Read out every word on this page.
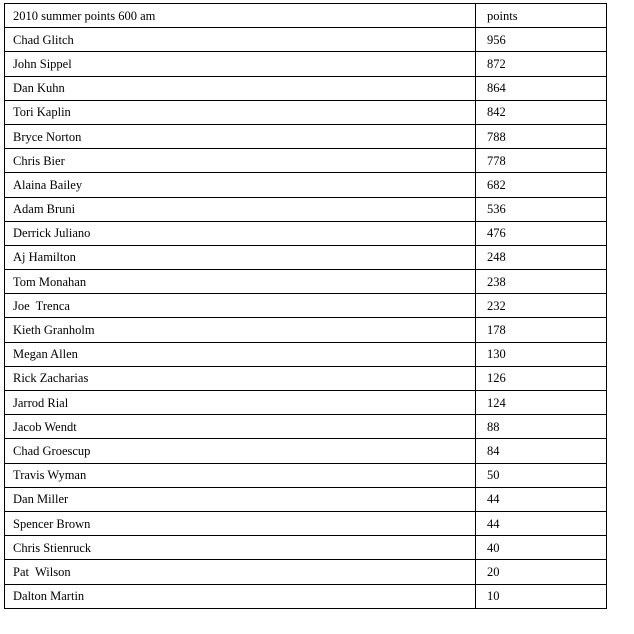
2010 summer points 600 am	points
Chad Glitch	956
John Sippel	872
Dan Kuhn	864
Tori Kaplin	842
Bryce Norton	788
Chris Bier	778
Alaina Bailey	682
Adam Bruni	536
Derrick Juliano	476
Aj Hamilton	248
Tom Monahan	238
Joe  Trenca	232
Kieth Granholm	178
Megan Allen	130
Rick Zacharias	126
Jarrod Rial	124
Jacob Wendt	88
Chad Groescup	84
Travis Wyman	50
Dan Miller	44
Spencer Brown	44
Chris Stienruck	40
Pat  Wilson	20
Dalton Martin	10
